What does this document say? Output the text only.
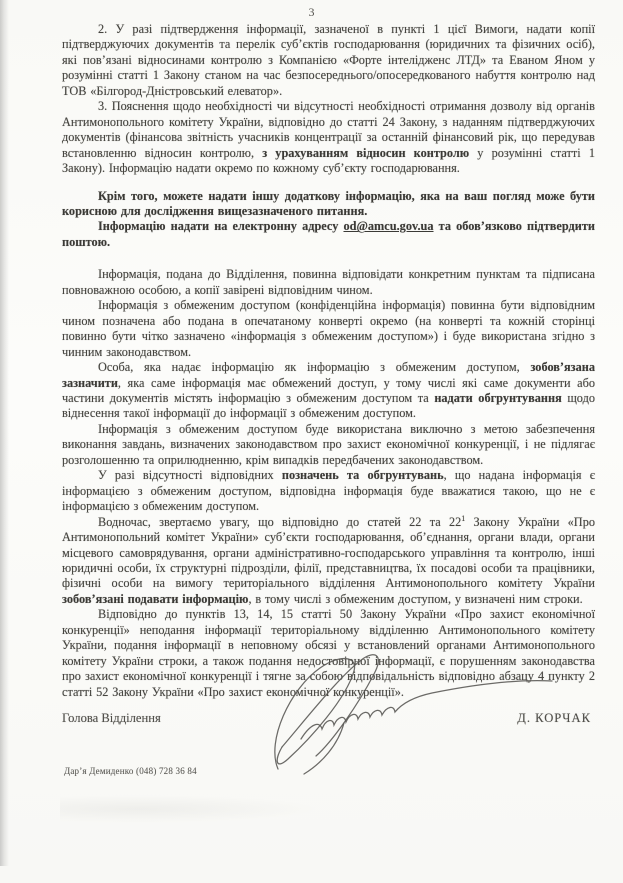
3

2. У разі підтвердження інформації, зазначеної в пункті 1 цієї Вимоги, надати копії підтверджуючих документів та перелік суб’єктів господарювання (юридичних та фізичних осіб), які пов’язані відносинами контролю з Компанією «Форте інтелідженс ЛТД» та Еваном Яном у розумінні статті 1 Закону станом на час безпосереднього/опосередкованого набуття контролю над ТОВ «Білгород-Дністровський елеватор».

3. Пояснення щодо необхідності чи відсутності необхідності отримання дозволу від органів Антимонопольного комітету України, відповідно до статті 24 Закону, з наданням підтверджуючих документів (фінансова звітність учасників концентрації за останній фінансовий рік, що передував встановленню відносин контролю, з урахуванням відносин контролю у розумінні статті 1 Закону). Інформацію надати окремо по кожному суб’єкту господарювання.

Крім того, можете надати іншу додаткову інформацію, яка на ваш погляд може бути корисною для дослідження вищезазначеного питання.

Інформацію надати на електронну адресу od@amcu.gov.ua та обов’язково підтвердити поштою.

Інформація, подана до Відділення, повинна відповідати конкретним пунктам та підписана повноважною особою, а копії завірені відповідним чином.

Інформація з обмеженим доступом (конфіденційна інформація) повинна бути відповідним чином позначена або подана в опечатаному конверті окремо (на конверті та кожній сторінці повинно бути чітко зазначено «інформація з обмеженим доступом») і буде використана згідно з чинним законодавством.

Особа, яка надає інформацію як інформацію з обмеженим доступом, зобов’язана зазначити, яка саме інформація має обмежений доступ, у тому числі які саме документи або частини документів містять інформацію з обмеженим доступом та надати обгрунтування щодо віднесення такої інформації до інформації з обмеженим доступом.

Інформація з обмеженим доступом буде використана виключно з метою забезпечення виконання завдань, визначених законодавством про захист економічної конкуренції, і не підлягає розголошенню та оприлюдненню, крім випадків передбачених законодавством.

У разі відсутності відповідних позначень та обгрунтувань, що надана інформація є інформацією з обмеженим доступом, відповідна інформація буде вважатися такою, що не є інформацією з обмеженим доступом.

Водночас, звертаємо увагу, що відповідно до статей 22 та $22^1$ Закону України «Про Антимонопольний комітет України» суб’єкти господарювання, об’єднання, органи влади, органи місцевого самоврядування, органи адміністративно-господарського управління та контролю, інші юридичні особи, їх структурні підрозділи, філії, представництва, їх посадові особи та працівники, фізичні особи на вимогу територіального відділення Антимонопольного комітету України зобов’язані подавати інформацію, в тому числі з обмеженим доступом, у визначені ним строки.

Відповідно до пунктів 13, 14, 15 статті 50 Закону України «Про захист економічної конкуренції» неподання інформації територіальному відділенню Антимонопольного комітету України, подання інформації в неповному обсязі у встановлений органами Антимонопольного комітету України строки, а також подання недостовірної інформації, є порушенням законодавства про захист економічної конкуренції і тягне за собою відповідальність відповідно абзацу 4 пункту 2 статті 52 Закону України «Про захист економічної конкуренції».

Голова Відділення	Д. КОРЧАК
Дар’я Демиденко (048) 728 36 84
